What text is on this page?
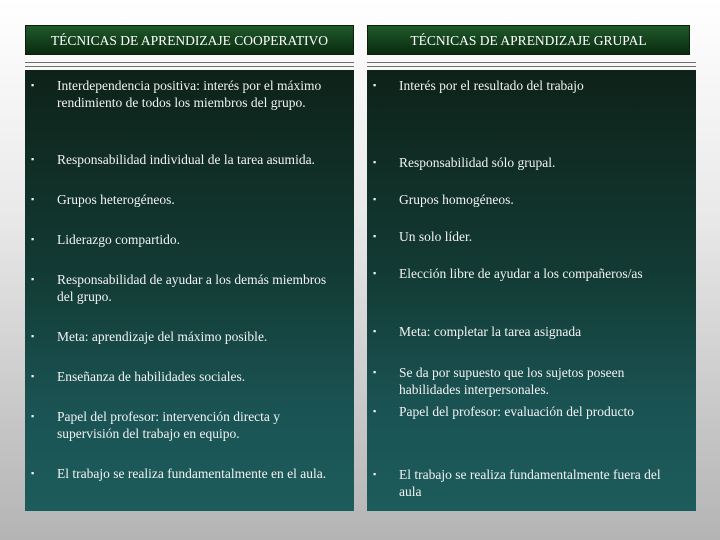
TÉCNICAS DE APRENDIZAJE COOPERATIVO	TÉCNICAS DE APRENDIZAJE GRUPAL
▪ Interdependencia positiva: interés por el máximo rendimiento de todos los miembros del grupo.
▪ Responsabilidad individual de la tarea asumida.
▪ Grupos heterogéneos.
▪ Liderazgo compartido.
▪ Responsabilidad de ayudar a los demás miembros del grupo.
▪ Meta: aprendizaje del máximo posible.
▪ Enseñanza de habilidades sociales.
▪ Papel del profesor: intervención directa y supervisión del trabajo en equipo.
▪ El trabajo se realiza fundamentalmente en el aula.
▪ Interés por el resultado del trabajo
▪ Responsabilidad sólo grupal.
▪ Grupos homogéneos.
▪ Un solo líder.
▪ Elección libre de ayudar a los compañeros/as
▪ Meta: completar la tarea asignada
▪ Se da por supuesto que los sujetos poseen habilidades interpersonales.
▪ Papel del profesor: evaluación del producto
▪ El trabajo se realiza fundamentalmente fuera del aula
